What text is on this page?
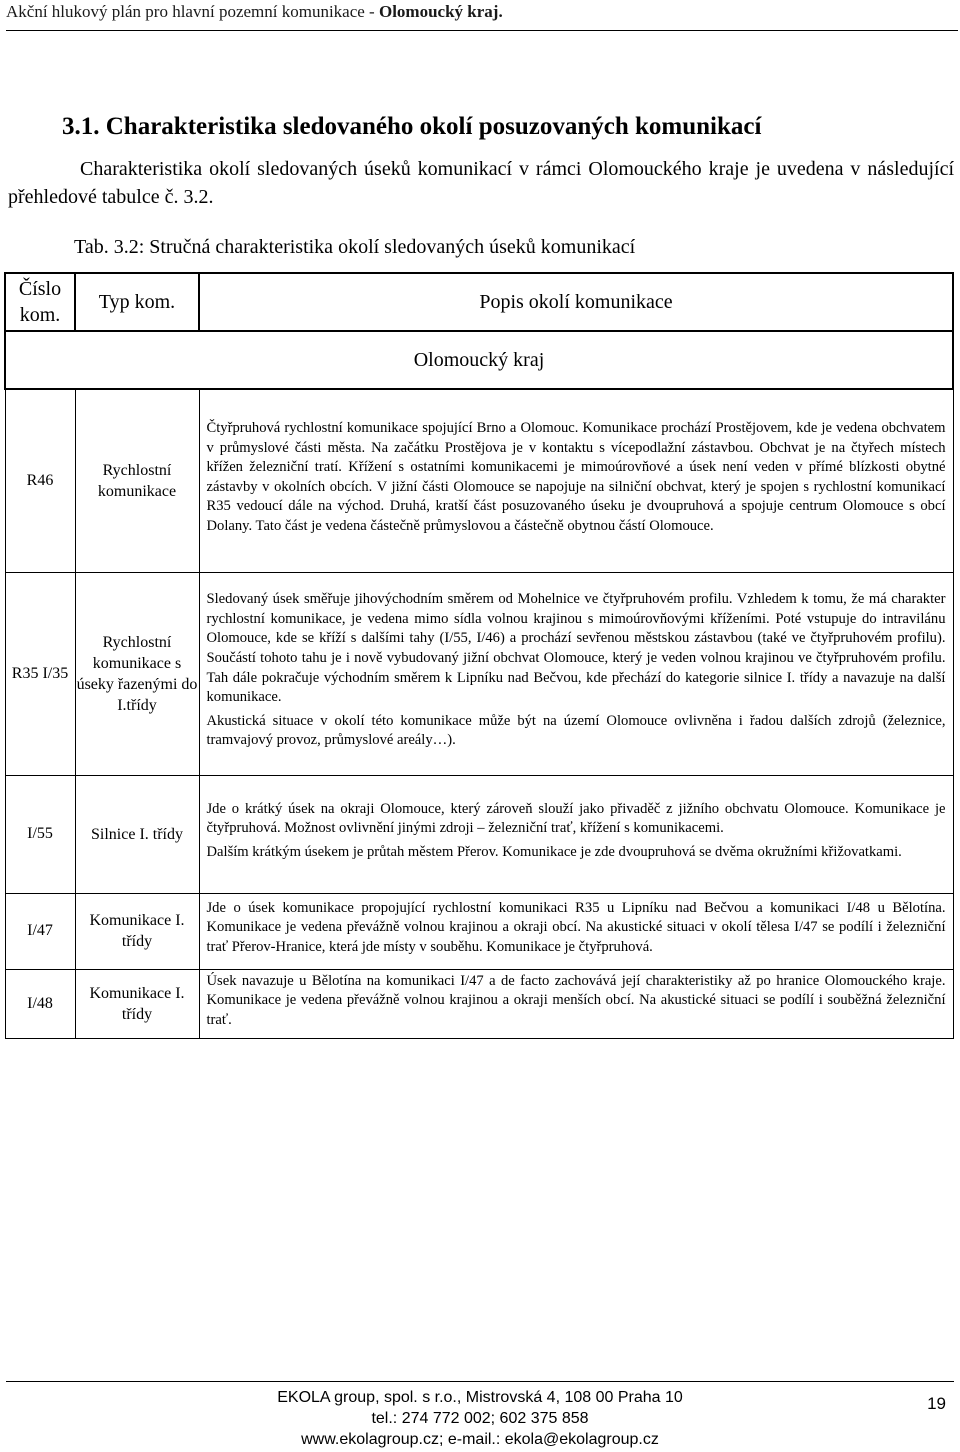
Akční hlukový plán pro hlavní pozemní komunikace - Olomoucký kraj.
3.1. Charakteristika sledovaného okolí posuzovaných komunikací
Charakteristika okolí sledovaných úseků komunikací v rámci Olomouckého kraje je uvedena v následující přehledové tabulce č. 3.2.
Tab. 3.2: Stručná charakteristika okolí sledovaných úseků komunikací
Číslo kom.	Typ kom.	Popis okolí komunikace
Olomoucký kraj		
R46	Rychlostní komunikace	Čtyřpruhová rychlostní komunikace spojující Brno a Olomouc. Komunikace prochází Prostějovem, kde je vedena obchvatem v průmyslové části města. Na začátku Prostějova je v kontaktu s vícepodlažní zástavbou. Obchvat je na čtyřech místech křížen železniční tratí. Křížení s ostatními komunikacemi je mimoúrovňové a úsek není veden v přímé blízkosti obytné zástavby v okolních obcích. V jižní části Olomouce se napojuje na silniční obchvat, který je spojen s rychlostní komunikací R35 vedoucí dále na východ. Druhá, kratší část posuzovaného úseku je dvoupruhová a spojuje centrum Olomouce s obcí Dolany. Tato část je vedena částečně průmyslovou a částečně obytnou částí Olomouce.

R35 I/35	Rychlostní komunikace s úseky řazenými do I.třídy	Sledovaný úsek směřuje jihovýchodním směrem od Mohelnice ve čtyřpruhovém profilu. Vzhledem k tomu, že má charakter rychlostní komunikace, je vedena mimo sídla volnou krajinou s mimoúrovňovými kříženími. Poté vstupuje do intravilánu Olomouce, kde se kříží s dalšími tahy (I/55, I/46) a prochází sevřenou městskou zástavbou (také ve čtyřpruhovém profilu). Součástí tohoto tahu je i nově vybudovaný jižní obchvat Olomouce, který je veden volnou krajinou ve čtyřpruhovém profilu. Tah dále pokračuje východním směrem k Lipníku nad Bečvou, kde přechází do kategorie silnice I. třídy a navazuje na další komunikace.

Akustická situace v okolí této komunikace může být na území Olomouce ovlivněna i řadou dalších zdrojů (železnice, tramvajový provoz, průmyslové areály…).

I/55	Silnice I. třídy	Jde o krátký úsek na okraji Olomouce, který zároveň slouží jako přivaděč z jižního obchvatu Olomouce. Komunikace je čtyřpruhová. Možnost ovlivnění jinými zdroji – železniční trať, křížení s komunikacemi.

Dalším krátkým úsekem je průtah městem Přerov. Komunikace je zde dvoupruhová se dvěma okružními křižovatkami.

I/47	Komunikace I. třídy	Jde o úsek komunikace propojující rychlostní komunikaci R35 u Lipníku nad Bečvou a komunikaci I/48 u Bělotína. Komunikace je vedena převážně volnou krajinou a okraji obcí. Na akustické situaci v okolí tělesa I/47 se podílí i železniční trať Přerov-Hranice, která jde místy v souběhu. Komunikace je čtyřpruhová.

I/48	Komunikace I. třídy	Úsek navazuje u Bělotína na komunikaci I/47 a de facto zachovává její charakteristiky až po hranice Olomouckého kraje. Komunikace je vedena převážně volnou krajinou a okraji menších obcí. Na akustické situaci se podílí i souběžná železniční trať.

EKOLA group, spol. s r.o., Mistrovská 4, 108 00 Praha 10
tel.: 274 772 002; 602 375 858
www.ekolagroup.cz; e-mail.: ekola@ekolagroup.cz
19
